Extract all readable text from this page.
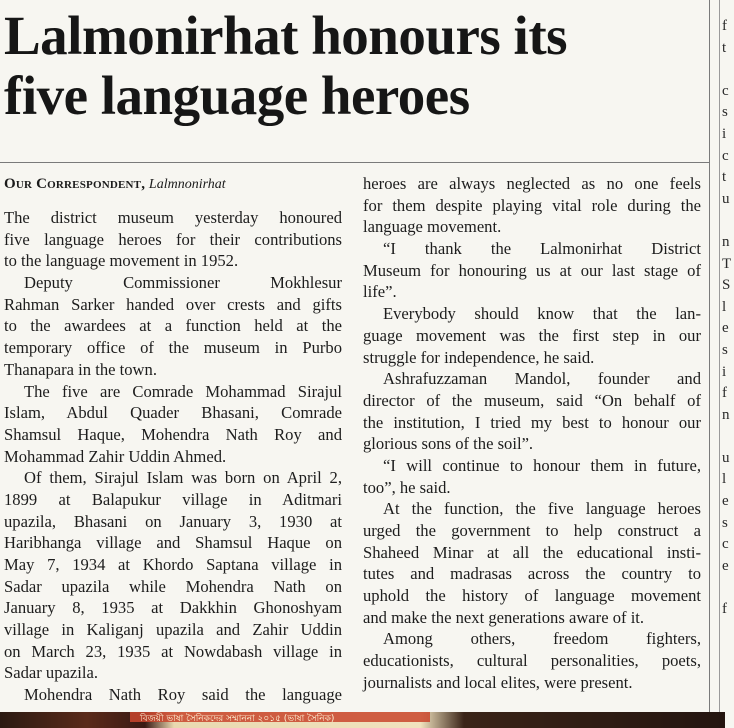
Lalmonirhat honours its
five language heroes
Our Correspondent, Lalmnonirhat
The district museum yesterday honoured
five language heroes for their contributions
to the language movement in 1952.
Deputy Commissioner Mokhlesur
Rahman Sarker handed over crests and gifts
to the awardees at a function held at the
temporary office of the museum in Purbo
Thanapara in the town.
The five are Comrade Mohammad Sirajul
Islam, Abdul Quader Bhasani, Comrade
Shamsul Haque, Mohendra Nath Roy and
Mohammad Zahir Uddin Ahmed.
Of them, Sirajul Islam was born on April 2,
1899 at Balapukur village in Aditmari
upazila, Bhasani on January 3, 1930 at
Haribhanga village and Shamsul Haque on
May 7, 1934 at Khordo Saptana village in
Sadar upazila while Mohendra Nath on
January 8, 1935 at Dakkhin Ghonoshyam
village in Kaliganj upazila and Zahir Uddin
on March 23, 1935 at Nowdabash village in
Sadar upazila.
Mohendra Nath Roy said the language
heroes are always neglected as no one feels
for them despite playing vital role during the
language movement.
“I thank the Lalmonirhat District
Museum for honouring us at our last stage of
life”.
Everybody should know that the lan-
guage movement was the first step in our
struggle for independence, he said.
Ashrafuzzaman Mandol, founder and
director of the museum, said “On behalf of
the institution, I tried my best to honour our
glorious sons of the soil”.
“I will continue to honour them in future,
too”, he said.
At the function, the five language heroes
urged the government to help construct a
Shaheed Minar at all the educational insti-
tutes and madrasas across the country to
uphold the history of language movement
and make the next generations aware of it.
Among others, freedom fighters,
educationists, cultural personalities, poets,
journalists and local elites, were present.
f
t
c
s
i
c
t
u
n
T
S
l
e
s
i
f
n
u
l
e
s
c
e
f
বিজয়ী ভাষা সৈনিকদের সম্মাননা ২০১৫ (ভাষা সৈনিক)
